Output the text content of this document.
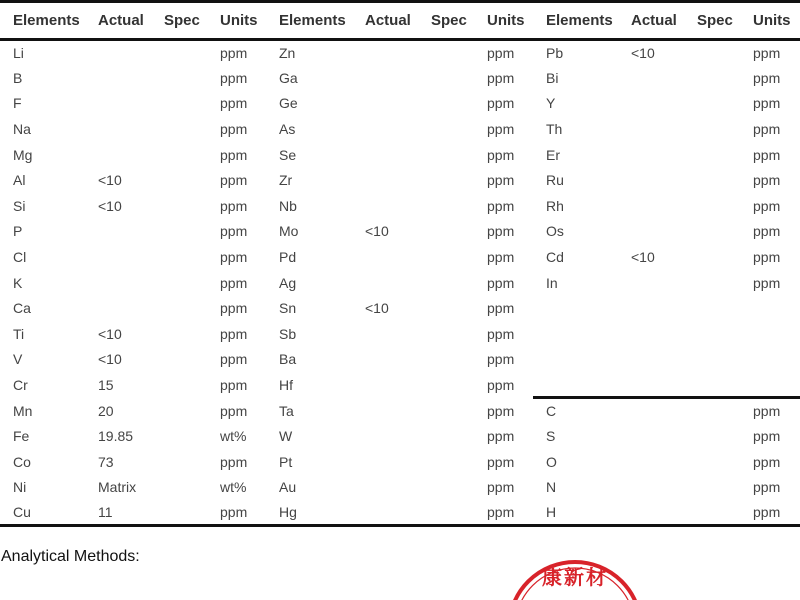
Elements	Actual	Spec	Units	Elements	Actual	Spec	Units	Elements	Actual	Spec	Units
Li			ppm	Zn			ppm	Pb	<10		ppm
B			ppm	Ga			ppm	Bi			ppm
F			ppm	Ge			ppm	Y			ppm
Na			ppm	As			ppm	Th			ppm
Mg			ppm	Se			ppm	Er			ppm
Al	<10		ppm	Zr			ppm	Ru			ppm
Si	<10		ppm	Nb			ppm	Rh			ppm
P			ppm	Mo	<10		ppm	Os			ppm
Cl			ppm	Pd			ppm	Cd	<10		ppm
K			ppm	Ag			ppm	In			ppm
Ca			ppm	Sn	<10		ppm				
Ti	<10		ppm	Sb			ppm				
V	<10		ppm	Ba			ppm				
Cr	15		ppm	Hf			ppm				
Mn	20		ppm	Ta			ppm	C			ppm
Fe	19.85		wt%	W			ppm	S			ppm
Co	73		ppm	Pt			ppm	O			ppm
Ni	Matrix		wt%	Au			ppm	N			ppm
Cu	11		ppm	Hg			ppm	H			ppm
Analytical Methods:
康新材
